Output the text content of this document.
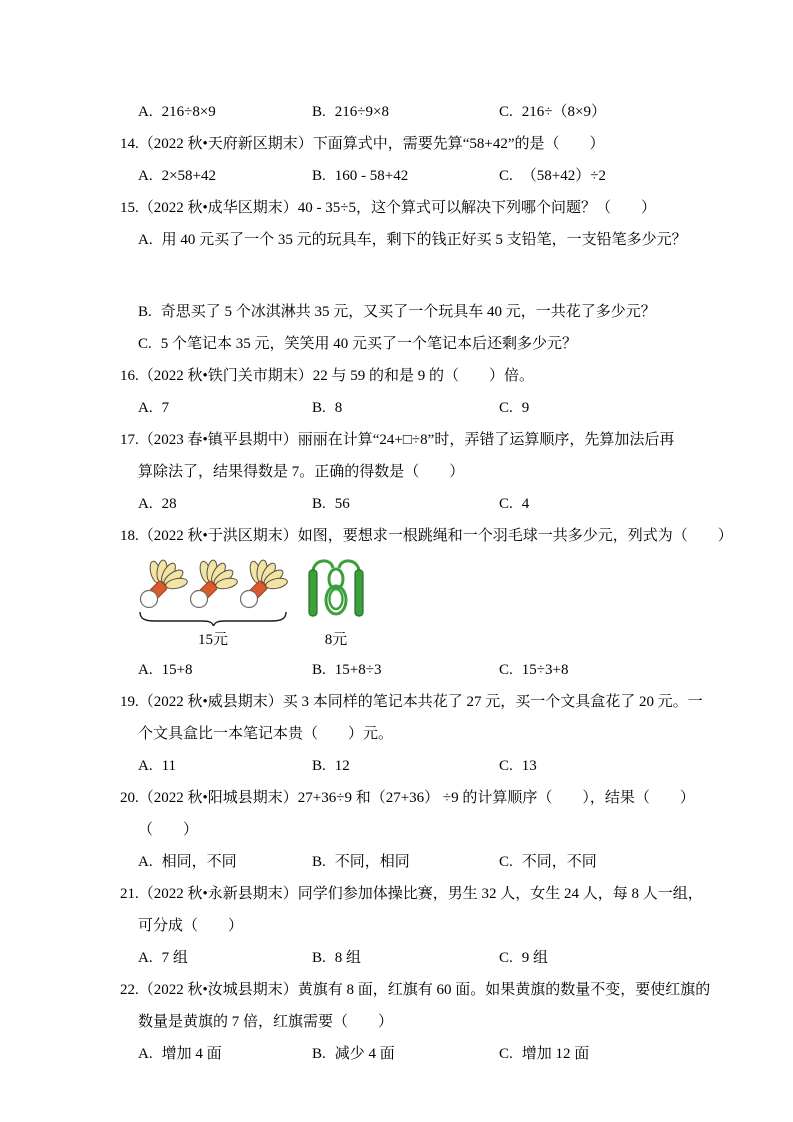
A. 216÷8×9	B. 216÷9×8	C. 216÷（8×9）
14.（2022 秋•天府新区期末）下面算式中，需要先算“58+42”的是（　　）
A. 2×58+42	B. 160 - 58+42	C. （58+42）÷2
15.（2022 秋•成华区期末）40 - 35÷5，这个算式可以解决下列哪个问题？（　　）
A. 用 40 元买了一个 35 元的玩具车，剩下的钱正好买 5 支铅笔，一支铅笔多少元？
B. 奇思买了 5 个冰淇淋共 35 元，又买了一个玩具车 40 元，一共花了多少元？
C. 5 个笔记本 35 元，笑笑用 40 元买了一个笔记本后还剩多少元？
16.（2022 秋•铁门关市期末）22 与 59 的和是 9 的（　　）倍。
A. 7	B. 8	C. 9
17.（2023 春•镇平县期中）丽丽在计算“24+□÷8”时，弄错了运算顺序，先算加法后再
算除法了，结果得数是 7。正确的得数是（　　）
A. 28	B. 56	C. 4
18.（2022 秋•于洪区期末）如图，要想求一根跳绳和一个羽毛球一共多少元，列式为（　　）
15元	8元
A. 15+8	B. 15+8÷3	C. 15÷3+8
19.（2022 秋•威县期末）买 3 本同样的笔记本共花了 27 元，买一个文具盒花了 20 元。一
个文具盒比一本笔记本贵（　　）元。
A. 11	B. 12	C. 13
20.（2022 秋•阳城县期末）27+36÷9 和（27+36） ÷9 的计算顺序（　　），结果（　　）
（　　）
A. 相同，不同	B. 不同，相同	C. 不同，不同
21.（2022 秋•永新县期末）同学们参加体操比赛，男生 32 人，女生 24 人，每 8 人一组，
可分成（　　）
A. 7 组	B. 8 组	C. 9 组
22.（2022 秋•汝城县期末）黄旗有 8 面，红旗有 60 面。如果黄旗的数量不变，要使红旗的
数量是黄旗的 7 倍，红旗需要（　　）
A. 增加 4 面	B. 减少 4 面	C. 增加 12 面
